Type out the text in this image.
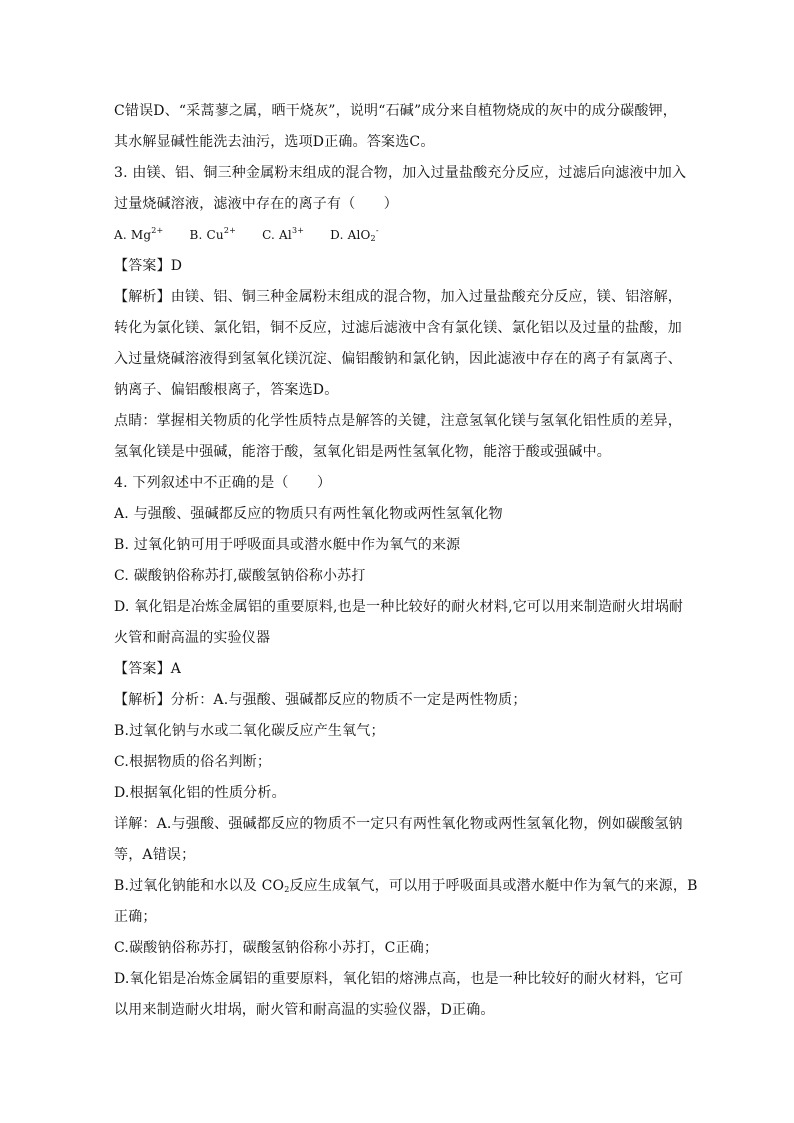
C错误D、“采蒿蓼之属，晒干烧灰”，说明“石碱”成分来自植物烧成的灰中的成分碳酸钾，
其水解显碱性能洗去油污，选项D正确。答案选C。
3. 由镁、铝、铜三种金属粉末组成的混合物，加入过量盐酸充分反应，过滤后向滤液中加入
过量烧碱溶液，滤液中存在的离子有（　　）
A. $Mg^{2+}$ B. $Cu^{2+}$ C. $Al^{3+}$ D. AlO$_2$-
【答案】D
【解析】由镁、铝、铜三种金属粉末组成的混合物，加入过量盐酸充分反应，镁、铝溶解，
转化为氯化镁、氯化铝，铜不反应，过滤后滤液中含有氯化镁、氯化铝以及过量的盐酸，加
入过量烧碱溶液得到氢氧化镁沉淀、偏铝酸钠和氯化钠，因此滤液中存在的离子有氯离子、
钠离子、偏铝酸根离子，答案选D。
点睛：掌握相关物质的化学性质特点是解答的关键，注意氢氧化镁与氢氧化铝性质的差异，
氢氧化镁是中强碱，能溶于酸，氢氧化铝是两性氢氧化物，能溶于酸或强碱中。
4. 下列叙述中不正确的是（　　）
A. 与强酸、强碱都反应的物质只有两性氧化物或两性氢氧化物
B. 过氧化钠可用于呼吸面具或潜水艇中作为氧气的来源
C. 碳酸钠俗称苏打,碳酸氢钠俗称小苏打
D. 氧化铝是冶炼金属铝的重要原料,也是一种比较好的耐火材料,它可以用来制造耐火坩埚耐
火管和耐高温的实验仪器
【答案】A
【解析】分析：A.与强酸、强碱都反应的物质不一定是两性物质；
B.过氧化钠与水或二氧化碳反应产生氧气；
C.根据物质的俗名判断；
D.根据氧化铝的性质分析。
详解：A.与强酸、强碱都反应的物质不一定只有两性氧化物或两性氢氧化物，例如碳酸氢钠
等，A错误；
B.过氧化钠能和水以及 $CO_2$反应生成氧气，可以用于呼吸面具或潜水艇中作为氧气的来源，B
正确；
C.碳酸钠俗称苏打，碳酸氢钠俗称小苏打，C正确；
D.氧化铝是冶炼金属铝的重要原料，氧化铝的熔沸点高，也是一种比较好的耐火材料，它可
以用来制造耐火坩埚，耐火管和耐高温的实验仪器，D正确。
